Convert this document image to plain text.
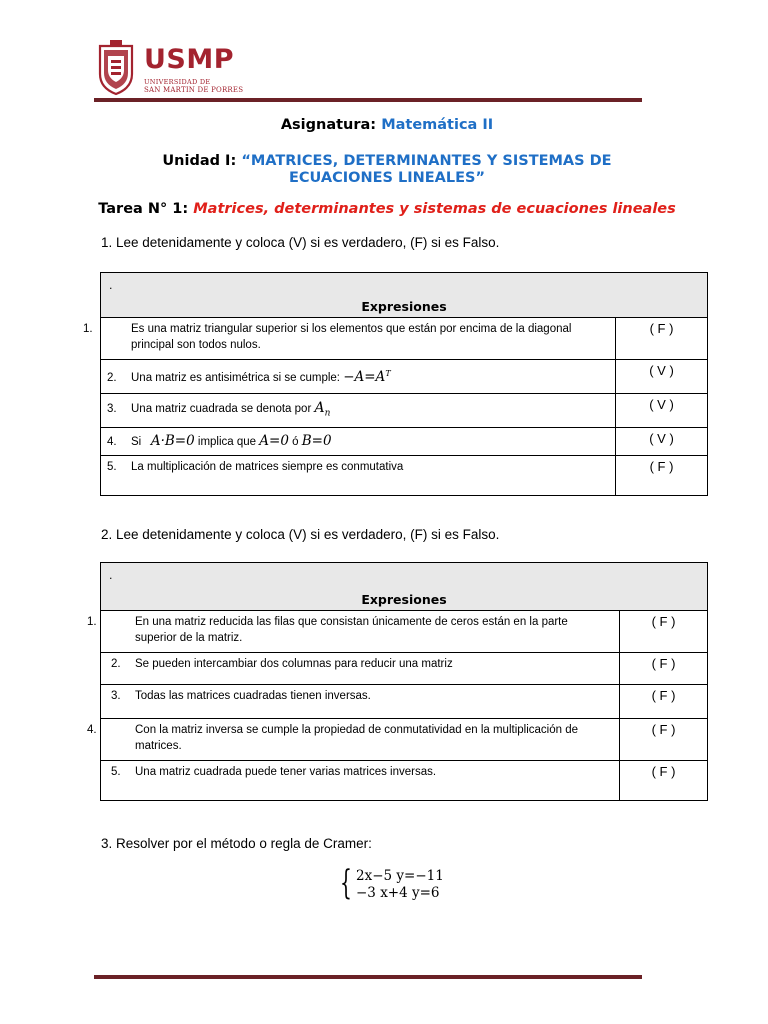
USMP
UNIVERSIDAD DE
SAN MARTIN DE PORRES
Asignatura: Matemática II
Unidad I: “MATRICES, DETERMINANTES Y SISTEMAS DE
ECUACIONES LINEALES”
Tarea N° 1: Matrices, determinantes y sistemas de ecuaciones lineales
1. Lee detenidamente y coloca (V) si es verdadero, (F) si es Falso.
.
Expresiones	

1. Es una matriz triangular superior si los elementos que están por encima de la diagonal
principal son todos nulos.	( F )
2. Una matriz es antisimétrica si se cumple: $-A=A^T$	( V )
3. Una matriz cuadrada se denota por $A_n$	( V )
4. Si A·B=0 implica que A=0 ó B=0	( V )
5. La multiplicación de matrices siempre es conmutativa	( F )
2. Lee detenidamente y coloca (V) si es verdadero, (F) si es Falso.
.
Expresiones	

1. En una matriz reducida las filas que consistan únicamente de ceros están en la parte
superior de la matriz.	( F )
2. Se pueden intercambiar dos columnas para reducir una matriz	( F )
3. Todas las matrices cuadradas tienen inversas.	( F )

4. Con la matriz inversa se cumple la propiedad de conmutatividad en la multiplicación de
matrices.	( F )
5. Una matriz cuadrada puede tener varias matrices inversas.	( F )
3. Resolver por el método o regla de Cramer:
{ 2x−5 y=−11
−3 x+4 y=6
